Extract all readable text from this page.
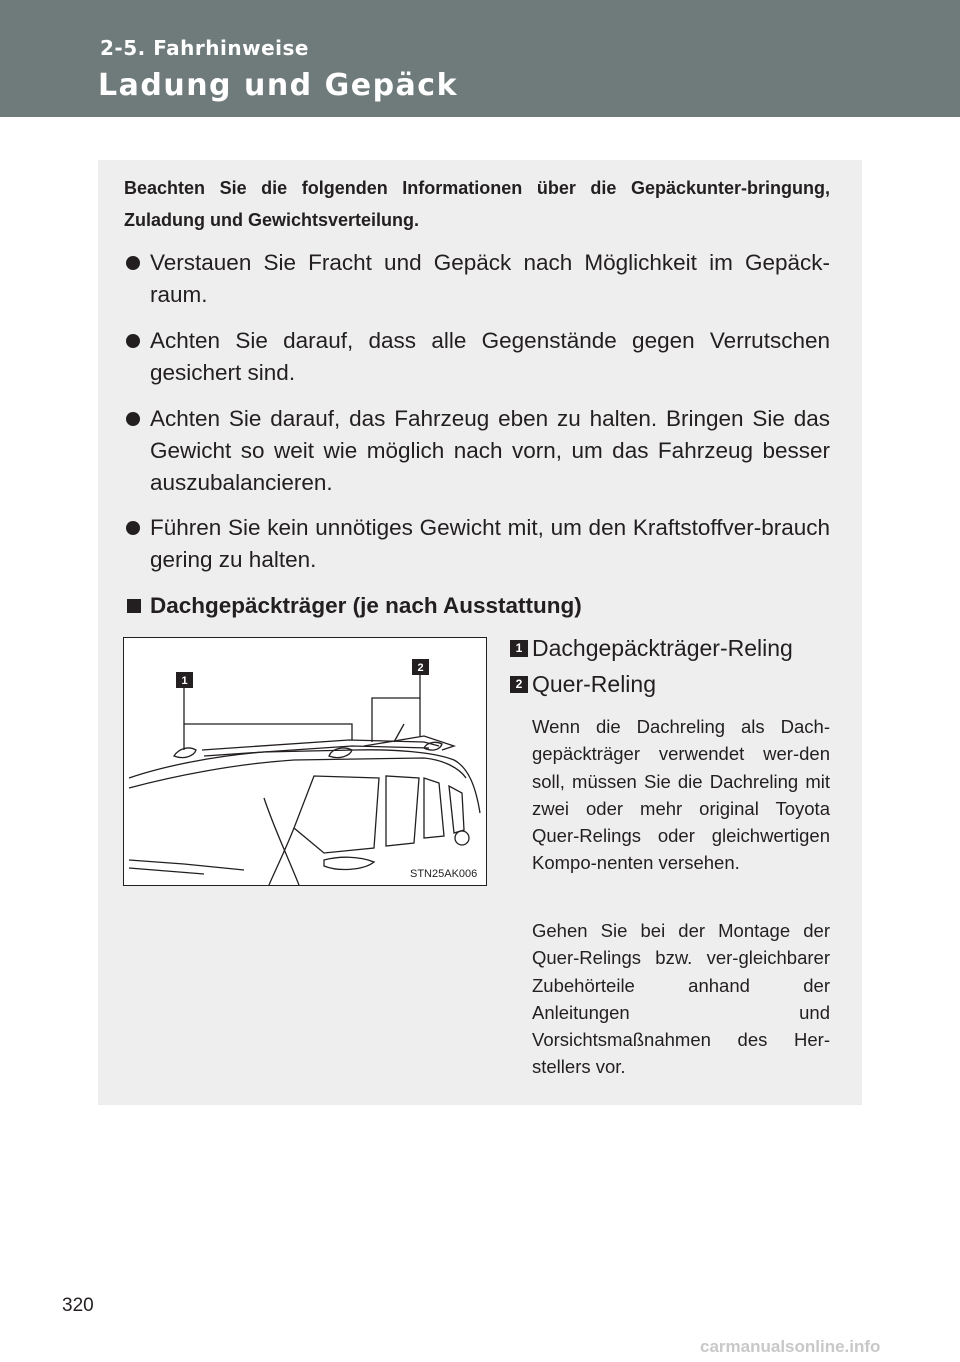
2-5. Fahrhinweise
Ladung und Gepäck
Beachten Sie die folgenden Informationen über die Gepäckunter-bringung, Zuladung und Gewichtsverteilung.
Verstauen Sie Fracht und Gepäck nach Möglichkeit im Gepäck-raum.
Achten Sie darauf, dass alle Gegenstände gegen Verrutschen gesichert sind.
Achten Sie darauf, das Fahrzeug eben zu halten. Bringen Sie das Gewicht so weit wie möglich nach vorn, um das Fahrzeug besser auszubalancieren.
Führen Sie kein unnötiges Gewicht mit, um den Kraftstoffver-brauch gering zu halten.
Dachgepäckträger (je nach Ausstattung)
1
2
STN25AK006
1 Dachgepäckträger-Reling
2 Quer-Reling
Wenn die Dachreling als Dach-gepäckträger verwendet wer-den soll, müssen Sie die Dachreling mit zwei oder mehr original Toyota Quer-Relings oder gleichwertigen Kompo-nenten versehen.
Gehen Sie bei der Montage der Quer-Relings bzw. ver-gleichbarer Zubehörteile anhand der Anleitungen und Vorsichtsmaßnahmen des Her-stellers vor.
320
carmanualsonline.info
